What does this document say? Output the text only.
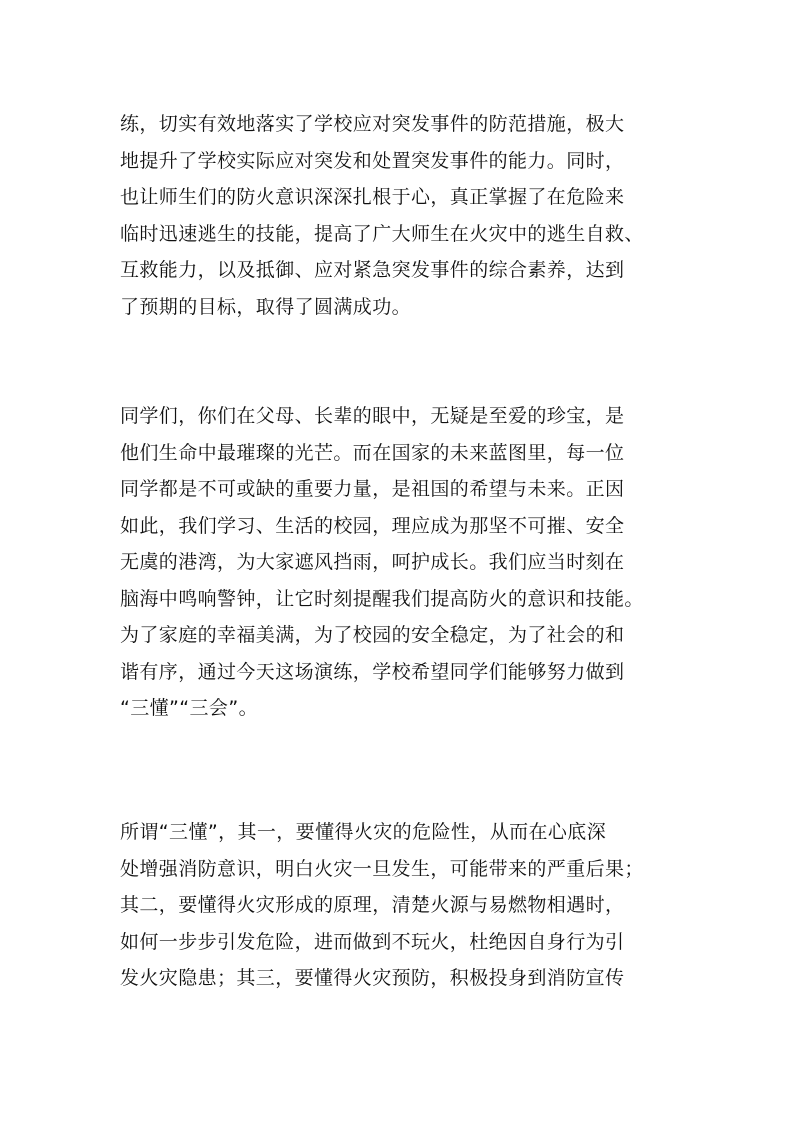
练，切实有效地落实了学校应对突发事件的防范措施，极大
地提升了学校实际应对突发和处置突发事件的能力。同时，
也让师生们的防火意识深深扎根于心，真正掌握了在危险来
临时迅速逃生的技能，提高了广大师生在火灾中的逃生自救、
互救能力，以及抵御、应对紧急突发事件的综合素养，达到
了预期的目标，取得了圆满成功。
同学们，你们在父母、长辈的眼中，无疑是至爱的珍宝，是
他们生命中最璀璨的光芒。而在国家的未来蓝图里，每一位
同学都是不可或缺的重要力量，是祖国的希望与未来。正因
如此，我们学习、生活的校园，理应成为那坚不可摧、安全
无虞的港湾，为大家遮风挡雨，呵护成长。我们应当时刻在
脑海中鸣响警钟，让它时刻提醒我们提高防火的意识和技能。
为了家庭的幸福美满，为了校园的安全稳定，为了社会的和
谐有序，通过今天这场演练，学校希望同学们能够努力做到
“三懂”“三会”。
所谓“三懂”，其一，要懂得火灾的危险性，从而在心底深
处增强消防意识，明白火灾一旦发生，可能带来的严重后果；
其二，要懂得火灾形成的原理，清楚火源与易燃物相遇时，
如何一步步引发危险，进而做到不玩火，杜绝因自身行为引
发火灾隐患；其三，要懂得火灾预防，积极投身到消防宣传
